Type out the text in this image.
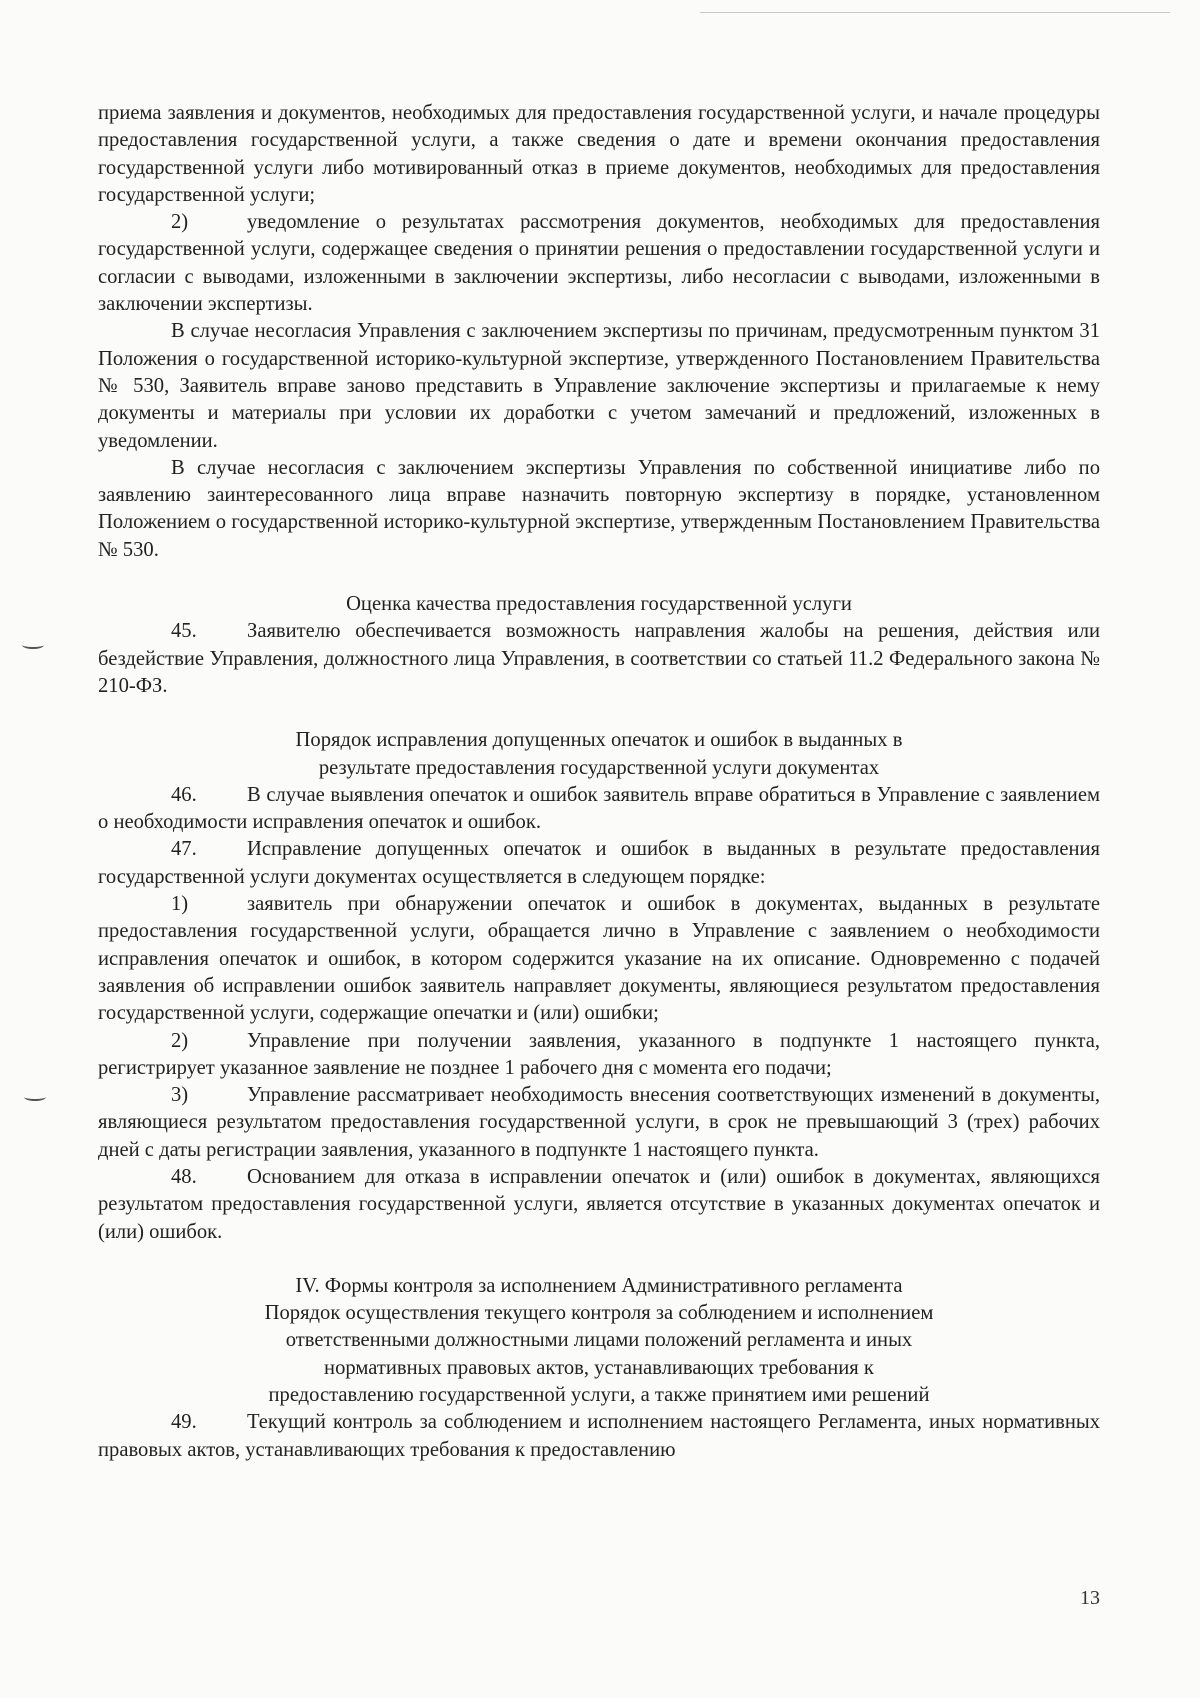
приема заявления и документов, необходимых для предоставления государственной услуги, и начале процедуры предоставления государственной услуги, а также сведения о дате и времени окончания предоставления государственной услуги либо мотивированный отказ в приеме документов, необходимых для предоставления государственной услуги;

2)	уведомление о результатах рассмотрения документов, необходимых для предоставления государственной услуги, содержащее сведения о принятии решения о предоставлении государственной услуги и согласии с выводами, изложенными в заключении экспертизы, либо несогласии с выводами, изложенными в заключении экспертизы.

В случае несогласия Управления с заключением экспертизы по причинам, предусмотренным пунктом 31 Положения о государственной историко-культурной экспертизе, утвержденного Постановлением Правительства № 530, Заявитель вправе заново представить в Управление заключение экспертизы и прилагаемые к нему документы и материалы при условии их доработки с учетом замечаний и предложений, изложенных в уведомлении.

В случае несогласия с заключением экспертизы Управления по собственной инициативе либо по заявлению заинтересованного лица вправе назначить повторную экспертизу в порядке, установленном Положением о государственной историко-культурной экспертизе, утвержденным Постановлением Правительства № 530.

Оценка качества предоставления государственной услуги

45. Заявителю обеспечивается возможность направления жалобы на решения, действия или бездействие Управления, должностного лица Управления, в соответствии со статьей 11.2 Федерального закона № 210-ФЗ.

Порядок исправления допущенных опечаток и ошибок в выданных в
результате предоставления государственной услуги документах

46. В случае выявления опечаток и ошибок заявитель вправе обратиться в Управление с заявлением о необходимости исправления опечаток и ошибок.

47. Исправление допущенных опечаток и ошибок в выданных в результате предоставления государственной услуги документах осуществляется в следующем порядке:

1)	заявитель при обнаружении опечаток и ошибок в документах, выданных в результате предоставления государственной услуги, обращается лично в Управление с заявлением о необходимости исправления опечаток и ошибок, в котором содержится указание на их описание. Одновременно с подачей заявления об исправлении ошибок заявитель направляет документы, являющиеся результатом предоставления государственной услуги, содержащие опечатки и (или) ошибки;

2)	Управление при получении заявления, указанного в подпункте 1 настоящего пункта, регистрирует указанное заявление не позднее 1 рабочего дня с момента его подачи;

3)	Управление рассматривает необходимость внесения соответствующих изменений в документы, являющиеся результатом предоставления государственной услуги, в срок не превышающий 3 (трех) рабочих дней с даты регистрации заявления, указанного в подпункте 1 настоящего пункта.

48. Основанием для отказа в исправлении опечаток и (или) ошибок в документах, являющихся результатом предоставления государственной услуги, является отсутствие в указанных документах опечаток и (или) ошибок.

IV. Формы контроля за исполнением Административного регламента
Порядок осуществления текущего контроля за соблюдением и исполнением
ответственными должностными лицами положений регламента и иных
нормативных правовых актов, устанавливающих требования к
предоставлению государственной услуги, а также принятием ими решений

49. Текущий контроль за соблюдением и исполнением настоящего Регламента, иных нормативных правовых актов, устанавливающих требования к предоставлению

13
